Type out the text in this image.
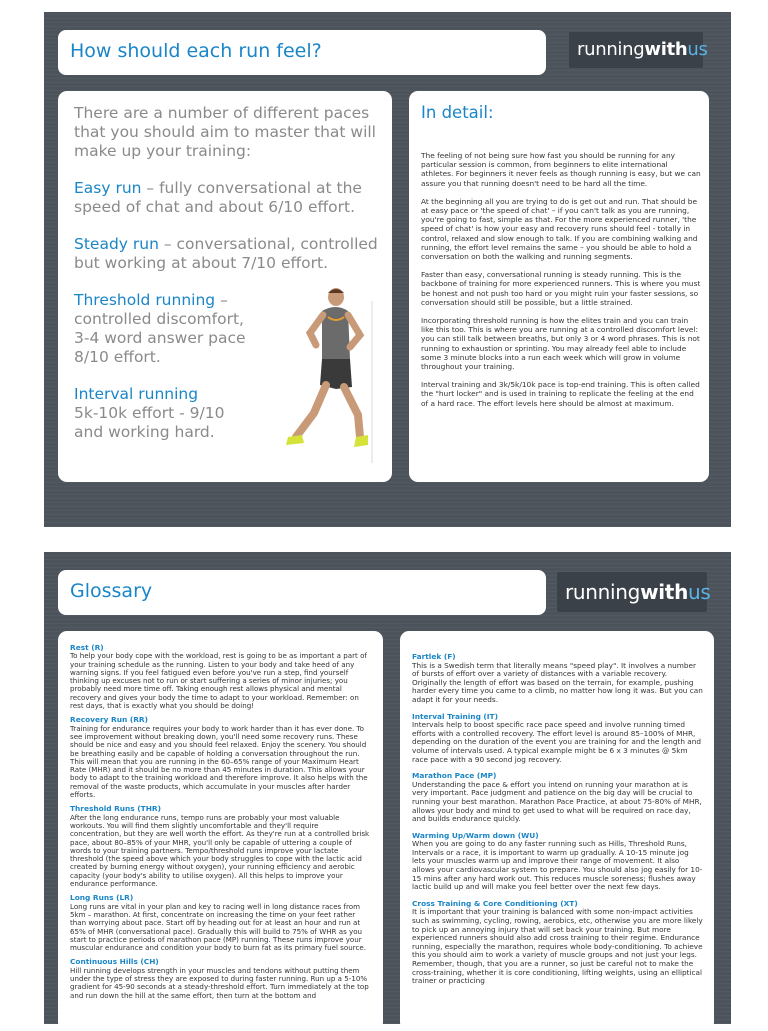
How should each run feel?	runningwithus

There are a number of different paces that you should aim to master that will make up your training:

Easy run – fully conversational at the speed of chat and about 6/10 effort.

Steady run – conversational, controlled but working at about 7/10 effort.

Threshold running – controlled discomfort, 3-4 word answer pace 8/10 effort.

Interval running
5k-10k effort - 9/10 and working hard.

In detail:

The feeling of not being sure how fast you should be running for any particular session is common, from beginners to elite international athletes. For beginners it never feels as though running is easy, but we can assure you that running doesn't need to be hard all the time.

At the beginning all you are trying to do is get out and run. That should be at easy pace or 'the speed of chat' – if you can't talk as you are running, you're going to fast, simple as that. For the more experienced runner, 'the speed of chat' is how your easy and recovery runs should feel - totally in control, relaxed and slow enough to talk. If you are combining walking and running, the effort level remains the same – you should be able to hold a conversation on both the walking and running segments.

Faster than easy, conversational running is steady running. This is the backbone of training for more experienced runners. This is where you must be honest and not push too hard or you might ruin your faster sessions, so conversation should still be possible, but a little strained.

Incorporating threshold running is how the elites train and you can train like this too. This is where you are running at a controlled discomfort level: you can still talk between breaths, but only 3 or 4 word phrases. This is not running to exhaustion or sprinting. You may already feel able to include some 3 minute blocks into a run each week which will grow in volume throughout your training.

Interval training and 3k/5k/10k pace is top-end training. This is often called the "hurt locker" and is used in training to replicate the feeling at the end of a hard race. The effort levels here should be almost at maximum.

Glossary	runningwithus
Rest (R)

To help your body cope with the workload, rest is going to be as important a part of your training schedule as the running. Listen to your body and take heed of any warning signs. If you feel fatigued even before you've run a step, find yourself thinking up excuses not to run or start suffering a series of minor injuries; you probably need more time off. Taking enough rest allows physical and mental recovery and gives your body the time to adapt to your workload. Remember: on rest days, that is exactly what you should be doing!

Recovery Run (RR)

Training for endurance requires your body to work harder than it has ever done. To see improvement without breaking down, you'll need some recovery runs. These should be nice and easy and you should feel relaxed. Enjoy the scenery. You should be breathing easily and be capable of holding a conversation throughout the run. This will mean that you are running in the 60–65% range of your Maximum Heart Rate (MHR) and it should be no more than 45 minutes in duration. This allows your body to adapt to the training workload and therefore improve. It also helps with the removal of the waste products, which accumulate in your muscles after harder efforts.

Threshold Runs (THR)

After the long endurance runs, tempo runs are probably your most valuable workouts. You will find them slightly uncomfortable and they'll require concentration, but they are well worth the effort. As they're run at a controlled brisk pace, about 80–85% of your MHR, you'll only be capable of uttering a couple of words to your training partners. Tempo/threshold runs improve your lactate threshold (the speed above which your body struggles to cope with the lactic acid created by burning energy without oxygen), your running efficiency and aerobic capacity (your body's ability to utilise oxygen). All this helps to improve your endurance performance.

Long Runs (LR)

Long runs are vital in your plan and key to racing well in long distance races from 5km – marathon. At first, concentrate on increasing the time on your feet rather than worrying about pace. Start off by heading out for at least an hour and run at 65% of MHR (conversational pace). Gradually this will build to 75% of WHR as you start to practice periods of marathon pace (MP) running. These runs improve your muscular endurance and condition your body to burn fat as its primary fuel source.

Continuous Hills (CH)

Hill running develops strength in your muscles and tendons without putting them under the type of stress they are exposed to during faster running. Run up a 5-10% gradient for 45-90 seconds at a steady-threshold effort. Turn immediately at the top and run down the hill at the same effort, then turn at the bottom and

Fartlek (F)

This is a Swedish term that literally means "speed play". It involves a number of bursts of effort over a variety of distances with a variable recovery. Originally the length of effort was based on the terrain, for example, pushing harder every time you came to a climb, no matter how long it was. But you can adapt it for your needs.

Interval Training (IT)

Intervals help to boost specific race pace speed and involve running timed efforts with a controlled recovery. The effort level is around 85–100% of MHR, depending on the duration of the event you are training for and the length and volume of intervals used. A typical example might be 6 x 3 minutes @ 5km race pace with a 90 second jog recovery.

Marathon Pace (MP)

Understanding the pace & effort you intend on running your marathon at is very important. Pace judgment and patience on the big day will be crucial to running your best marathon. Marathon Pace Practice, at about 75-80% of MHR, allows your body and mind to get used to what will be required on race day, and builds endurance quickly.

Warming Up/Warm down (WU)

When you are going to do any faster running such as Hills, Threshold Runs, Intervals or a race, it is important to warm up gradually. A 10-15 minute jog lets your muscles warm up and improve their range of movement. It also allows your cardiovascular system to prepare. You should also jog easily for 10-15 mins after any hard work out. This reduces muscle soreness; flushes away lactic build up and will make you feel better over the next few days.

Cross Training & Core Conditioning (XT)

It is important that your training is balanced with some non-impact activities such as swimming, cycling, rowing, aerobics, etc, otherwise you are more likely to pick up an annoying injury that will set back your training. But more experienced runners should also add cross training to their regime. Endurance running, especially the marathon, requires whole body-conditioning. To achieve this you should aim to work a variety of muscle groups and not just your legs. Remember, though, that you are a runner, so just be careful not to make the cross-training, whether it is core conditioning, lifting weights, using an elliptical trainer or practicing
